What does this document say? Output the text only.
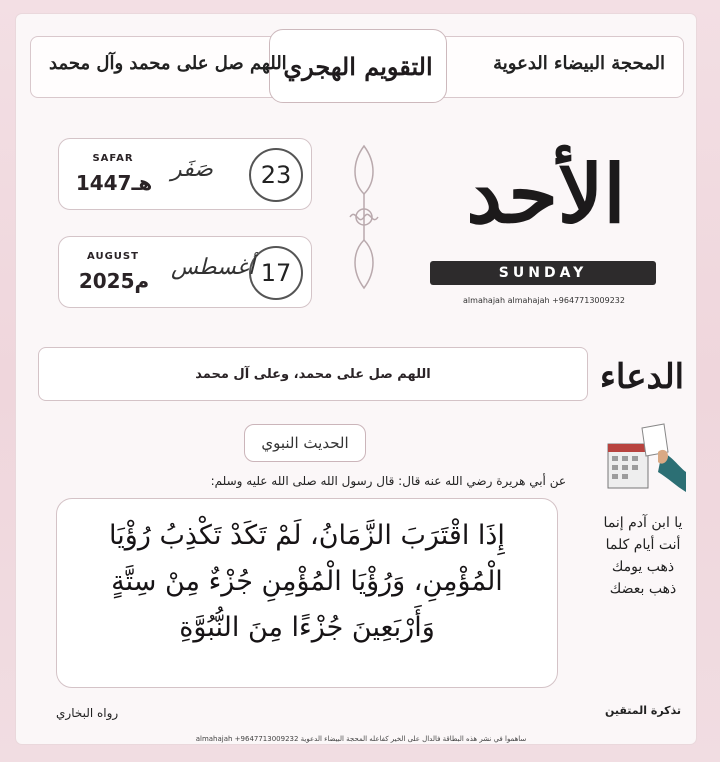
المحجة البيضاء الدعوية
التقويم الهجري
اللهم صل على محمد وآل محمد
23
صَفَر
SAFAR
1447هـ
17
أغسطس
AUGUST
2025م
الأحد
SUNDAY
almahajah almahajah +9647713009232
الدعاء
اللهم صل على محمد، وعلى آل محمد
الحديث النبوي
عن أبي هريرة رضي الله عنه قال: قال رسول الله صلى الله عليه وسلم:

إِذَا اقْتَرَبَ الزَّمَانُ، لَمْ تَكَدْ تَكْذِبُ رُؤْيَا الْمُؤْمِنِ، وَرُؤْيَا الْمُؤْمِنِ جُزْءٌ مِنْ سِتَّةٍ وَأَرْبَعِينَ جُزْءًا مِنَ النُّبُوَّةِ

رواه البخاري
يا ابن آدم إنما أنت أيام كلما ذهب يومك ذهب بعضك
تذكرة المتقين
ساهموا في نشر هذه البطاقة فالدال على الخير كفاعله المحجة البيضاء الدعوية almahajah +9647713009232
